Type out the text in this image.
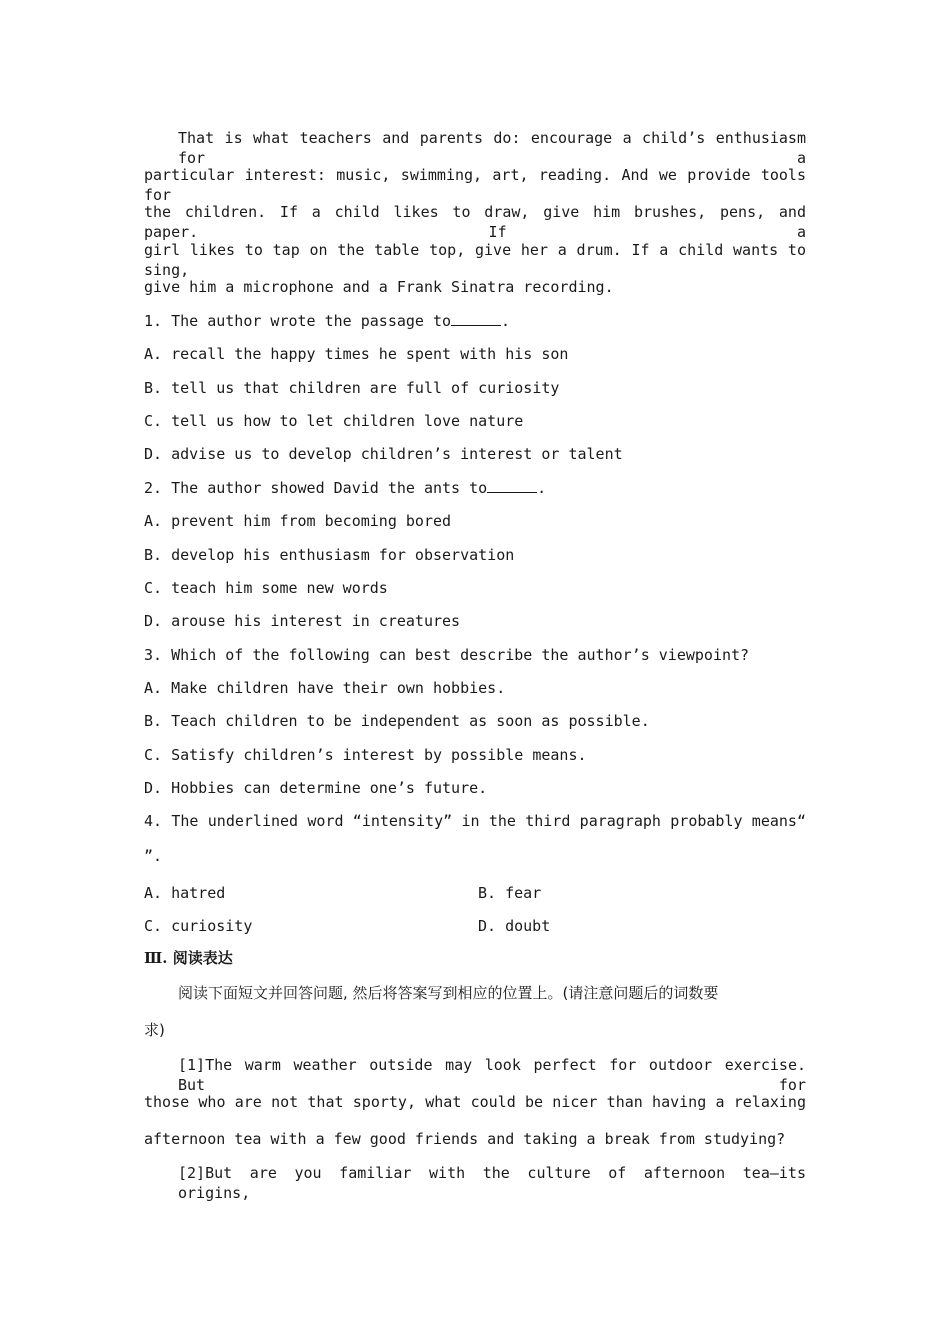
That is what teachers and parents do: encourage a child’s enthusiasm for a
particular interest: music, swimming, art, reading. And we provide tools for
the children. If a child likes to draw, give him brushes, pens, and paper. If a
girl likes to tap on the table top, give her a drum. If a child wants to sing,
give him a microphone and a Frank Sinatra recording.
1. The author wrote the passage to	.
A. recall the happy times he spent with his son
B. tell us that children are full of curiosity
C. tell us how to let children love nature
D. advise us to develop children’s interest or talent
2. The author showed David the ants to	.
A. prevent him from becoming bored
B. develop his enthusiasm for observation
C. teach him some new words
D. arouse his interest in creatures
3. Which of the following can best describe the author’s viewpoint?
A. Make children have their own hobbies.
B. Teach children to be independent as soon as possible.
C. Satisfy children’s interest by possible means.
D. Hobbies can determine one’s future.
4. The underlined word “intensity” in the third paragraph probably means“
”.
A. hatred	B. fear
C. curiosity	D. doubt
Ⅲ. 阅读表达
阅读下面短文并回答问题, 然后将答案写到相应的位置上。(请注意问题后的词数要
求)
[1]The warm weather outside may look perfect for outdoor exercise. But for
those who are not that sporty, what could be nicer than having a relaxing
afternoon tea with a few good friends and taking a break from studying?
[2]But are you familiar with the culture of afternoon tea—its origins,
